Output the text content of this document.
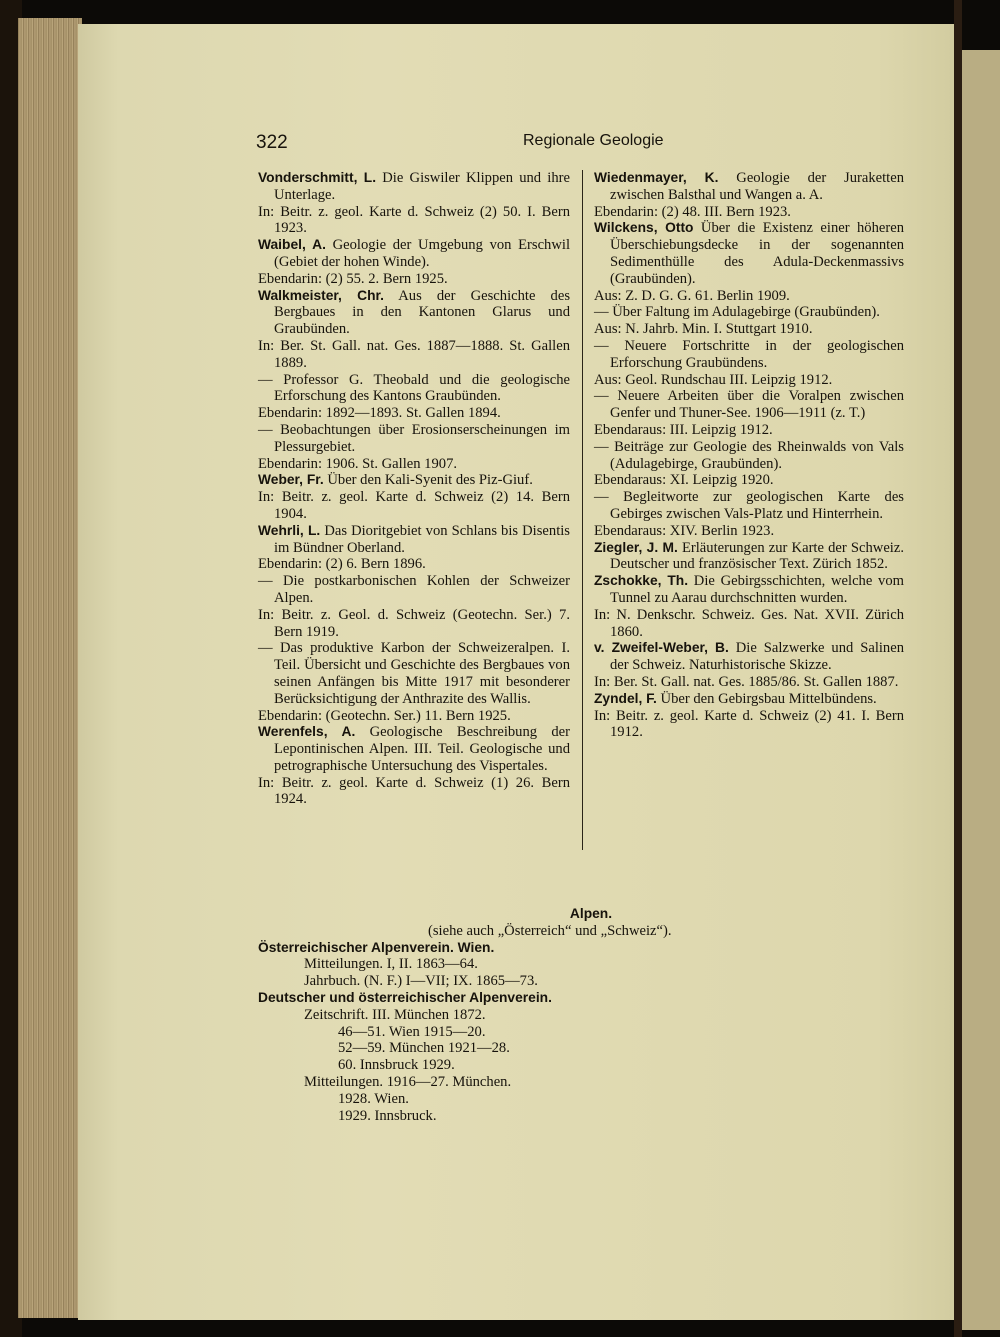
322	Regionale Geologie

Vonderschmitt, L. Die Giswiler Klippen und ihre Unterlage.
In: Beitr. z. geol. Karte d. Schweiz (2) 50. I. Bern 1923.

Waibel, A. Geologie der Umgebung von Erschwil (Gebiet der hohen Winde).
Ebendarin: (2) 55. 2. Bern 1925.

Walkmeister, Chr. Aus der Geschichte des Bergbaues in den Kantonen Glarus und Graubünden.
In: Ber. St. Gall. nat. Ges. 1887—1888. St. Gallen 1889.

— Professor G. Theobald und die geologische Erforschung des Kantons Graubünden.
Ebendarin: 1892—1893. St. Gallen 1894.

— Beobachtungen über Erosionserscheinungen im Plessurgebiet.
Ebendarin: 1906. St. Gallen 1907.

Weber, Fr. Über den Kali-Syenit des Piz-Giuf.
In: Beitr. z. geol. Karte d. Schweiz (2) 14. Bern 1904.

Wehrli, L. Das Dioritgebiet von Schlans bis Disentis im Bündner Oberland.
Ebendarin: (2) 6. Bern 1896.

— Die postkarbonischen Kohlen der Schweizer Alpen.
In: Beitr. z. Geol. d. Schweiz (Geotechn. Ser.) 7. Bern 1919.

— Das produktive Karbon der Schweizeralpen. I. Teil. Übersicht und Geschichte des Bergbaues von seinen Anfängen bis Mitte 1917 mit besonderer Berücksichtigung der Anthrazite des Wallis.
Ebendarin: (Geotechn. Ser.) 11. Bern 1925.

Werenfels, A. Geologische Beschreibung der Lepontinischen Alpen. III. Teil. Geologische und petrographische Untersuchung des Vispertales.
In: Beitr. z. geol. Karte d. Schweiz (1) 26. Bern 1924.

Wiedenmayer, K. Geologie der Juraketten zwischen Balsthal und Wangen a. A.
Ebendarin: (2) 48. III. Bern 1923.

Wilckens, Otto Über die Existenz einer höheren Überschiebungsdecke in der sogenannten Sedimenthülle des Adula-Deckenmassivs (Graubünden).
Aus: Z. D. G. G. 61. Berlin 1909.

— Über Faltung im Adulagebirge (Graubünden).
Aus: N. Jahrb. Min. I. Stuttgart 1910.

— Neuere Fortschritte in der geologischen Erforschung Graubündens.
Aus: Geol. Rundschau III. Leipzig 1912.

— Neuere Arbeiten über die Voralpen zwischen Genfer und Thuner-See. 1906—1911 (z. T.)
Ebendaraus: III. Leipzig 1912.

— Beiträge zur Geologie des Rheinwalds von Vals (Adulagebirge, Graubünden).
Ebendaraus: XI. Leipzig 1920.

— Begleitworte zur geologischen Karte des Gebirges zwischen Vals-Platz und Hinterrhein.
Ebendaraus: XIV. Berlin 1923.

Ziegler, J. M. Erläuterungen zur Karte der Schweiz. Deutscher und französischer Text. Zürich 1852.

Zschokke, Th. Die Gebirgsschichten, welche vom Tunnel zu Aarau durchschnitten wurden.
In: N. Denkschr. Schweiz. Ges. Nat. XVII. Zürich 1860.

v. Zweifel-Weber, B. Die Salzwerke und Salinen der Schweiz. Naturhistorische Skizze.
In: Ber. St. Gall. nat. Ges. 1885/86. St. Gallen 1887.

Zyndel, F. Über den Gebirgsbau Mittelbündens.
In: Beitr. z. geol. Karte d. Schweiz (2) 41. I. Bern 1912.

Alpen.
(siehe auch „Österreich“ und „Schweiz“).
Österreichischer Alpenverein. Wien.
Mitteilungen. I, II. 1863—64.
Jahrbuch. (N. F.) I—VII; IX. 1865—73.
Deutscher und österreichischer Alpenverein.
Zeitschrift. III. München 1872.
46—51. Wien 1915—20.
52—59. München 1921—28.
60. Innsbruck 1929.
Mitteilungen. 1916—27. München.
1928. Wien.
1929. Innsbruck.
